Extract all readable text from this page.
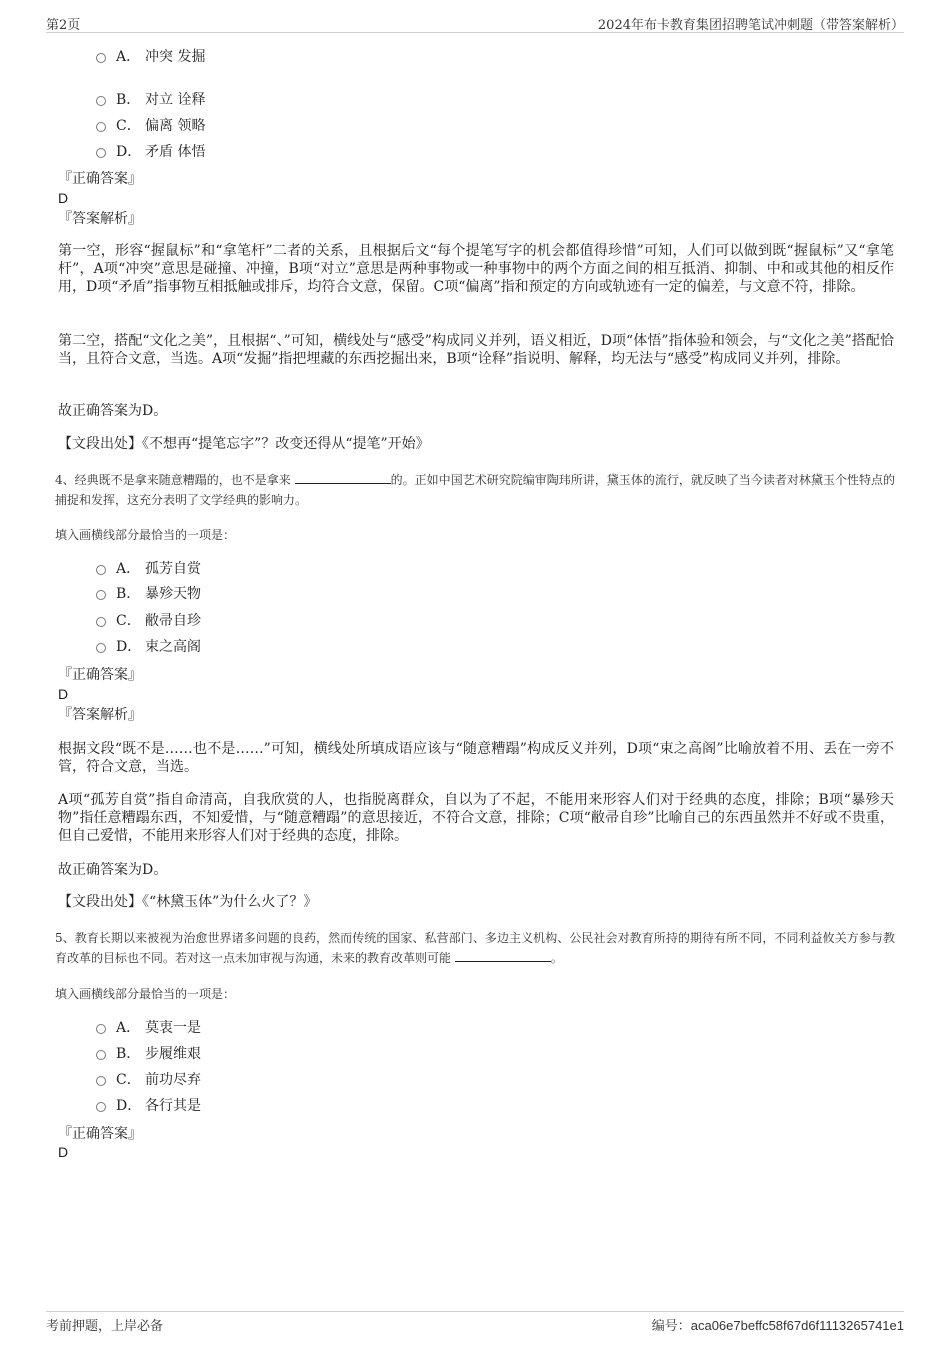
第2页	2024年布卡教育集团招聘笔试冲刺题（带答案解析）
A． 冲突 发掘
B． 对立 诠释
C． 偏离 领略
D． 矛盾 体悟
『正确答案』
D
『答案解析』
第一空，形容“握鼠标”和“拿笔杆”二者的关系，且根据后文“每个提笔写字的机会都值得珍惜”可知，人们可以做到既“握鼠标”又“拿笔杆”，A项“冲突”意思是碰撞、冲撞，B项“对立”意思是两种事物或一种事物中的两个方面之间的相互抵消、抑制、中和或其他的相反作用，D项“矛盾”指事物互相抵触或排斥，均符合文意，保留。C项“偏离”指和预定的方向或轨迹有一定的偏差，与文意不符，排除。
第二空，搭配“文化之美”，且根据“、”可知，横线处与“感受”构成同义并列，语义相近，D项“体悟”指体验和领会，与“文化之美”搭配恰当，且符合文意，当选。A项“发掘”指把埋藏的东西挖掘出来，B项“诠释”指说明、解释，均无法与“感受”构成同义并列，排除。
故正确答案为D。
【文段出处】《不想再“提笔忘字”？改变还得从“提笔”开始》
4、经典既不是拿来随意糟蹋的，也不是拿来	的。正如中国艺术研究院编审陶玮所讲，黛玉体的流行，就反映了当今读者对林黛玉个性特点的捕捉和发挥，这充分表明了文学经典的影响力。
填入画横线部分最恰当的一项是：
A． 孤芳自赏
B． 暴殄天物
C． 敝帚自珍
D． 束之高阁
『正确答案』
D
『答案解析』
根据文段“既不是……也不是……”可知，横线处所填成语应该与“随意糟蹋”构成反义并列，D项“束之高阁”比喻放着不用、丢在一旁不管，符合文意，当选。
A项“孤芳自赏”指自命清高，自我欣赏的人，也指脱离群众，自以为了不起，不能用来形容人们对于经典的态度，排除；B项“暴殄天物”指任意糟蹋东西，不知爱惜，与“随意糟蹋”的意思接近，不符合文意，排除；C项“敝帚自珍”比喻自己的东西虽然并不好或不贵重，但自己爱惜，不能用来形容人们对于经典的态度，排除。
故正确答案为D。
【文段出处】《“林黛玉体”为什么火了？》
5、教育长期以来被视为治愈世界诸多问题的良药，然而传统的国家、私营部门、多边主义机构、公民社会对教育所持的期待有所不同，不同利益攸关方参与教育改革的目标也不同。若对这一点未加审视与沟通，未来的教育改革则可能	。
填入画横线部分最恰当的一项是：
A． 莫衷一是
B． 步履维艰
C． 前功尽弃
D． 各行其是
『正确答案』
D
考前押题，上岸必备	编号：aca06e7beffc58f67d6f1113265741e1
